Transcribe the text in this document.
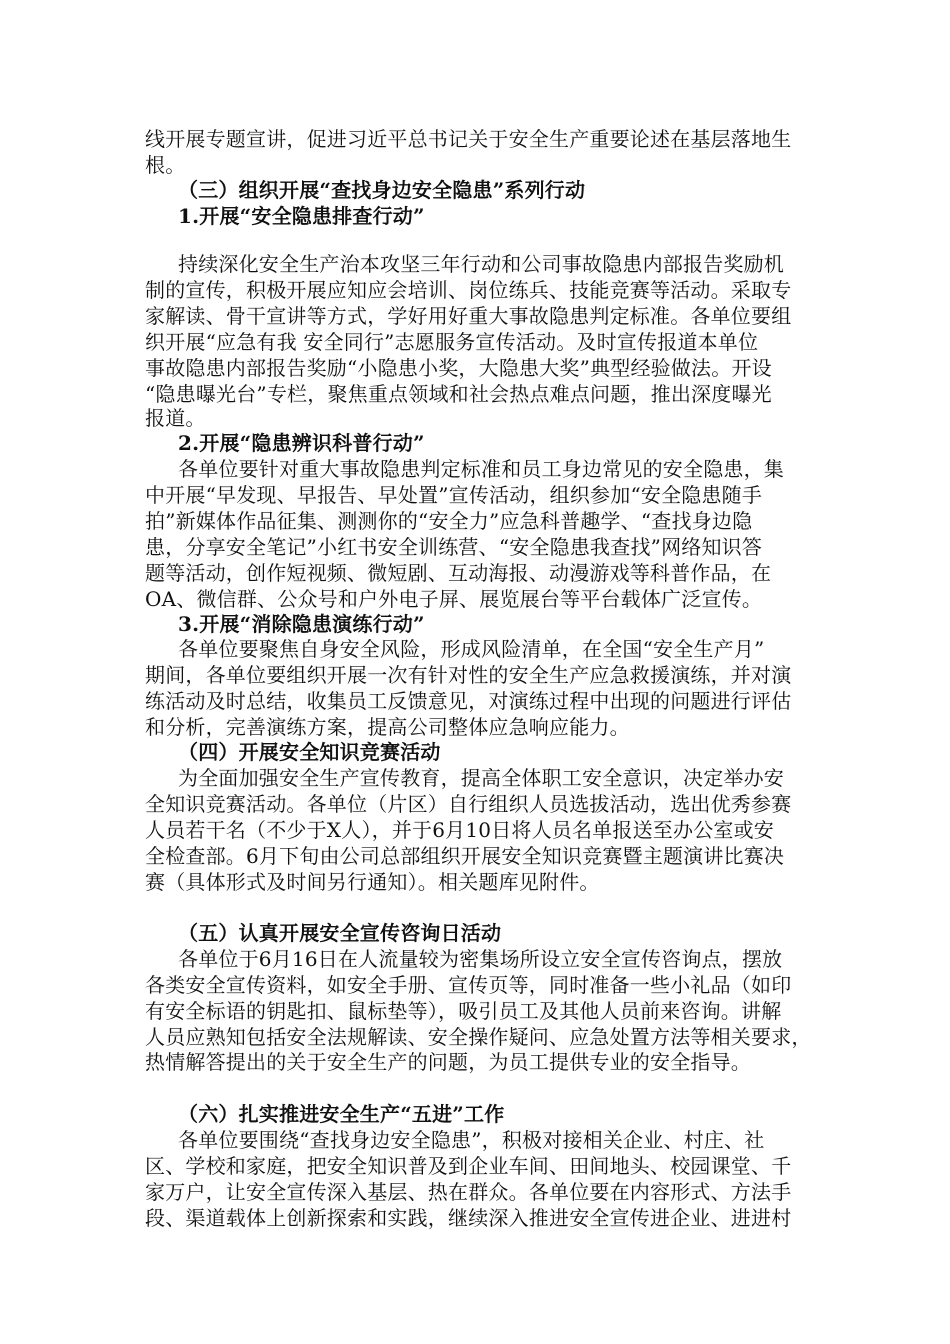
线开展专题宣讲，促进习近平总书记关于安全生产重要论述在基层落地生
根。
（三）组织开展“查找身边安全隐患”系列行动
1.开展“安全隐患排查行动”
持续深化安全生产治本攻坚三年行动和公司事故隐患内部报告奖励机
制的宣传，积极开展应知应会培训、岗位练兵、技能竞赛等活动。采取专
家解读、骨干宣讲等方式，学好用好重大事故隐患判定标准。各单位要组
织开展“应急有我 安全同行”志愿服务宣传活动。及时宣传报道本单位
事故隐患内部报告奖励“小隐患小奖，大隐患大奖”典型经验做法。开设
“隐患曝光台”专栏，聚焦重点领域和社会热点难点问题，推出深度曝光
报道。
2.开展“隐患辨识科普行动”
各单位要针对重大事故隐患判定标准和员工身边常见的安全隐患，集
中开展“早发现、早报告、早处置”宣传活动，组织参加“安全隐患随手
拍”新媒体作品征集、测测你的“安全力”应急科普趣学、“查找身边隐
患，分享安全笔记”小红书安全训练营、“安全隐患我查找”网络知识答
题等活动，创作短视频、微短剧、互动海报、动漫游戏等科普作品，在
OA、微信群、公众号和户外电子屏、展览展台等平台载体广泛宣传。
3.开展“消除隐患演练行动”
各单位要聚焦自身安全风险，形成风险清单，在全国“安全生产月”
期间，各单位要组织开展一次有针对性的安全生产应急救援演练，并对演
练活动及时总结，收集员工反馈意见，对演练过程中出现的问题进行评估
和分析，完善演练方案，提高公司整体应急响应能力。
（四）开展安全知识竞赛活动
为全面加强安全生产宣传教育，提高全体职工安全意识，决定举办安
全知识竞赛活动。各单位（片区）自行组织人员选拔活动，选出优秀参赛
人员若干名（不少于X人），并于6月10日将人员名单报送至办公室或安
全检查部。6月下旬由公司总部组织开展安全知识竞赛暨主题演讲比赛决
赛（具体形式及时间另行通知）。相关题库见附件。
（五）认真开展安全宣传咨询日活动
各单位于6月16日在人流量较为密集场所设立安全宣传咨询点，摆放
各类安全宣传资料，如安全手册、宣传页等，同时准备一些小礼品（如印
有安全标语的钥匙扣、鼠标垫等），吸引员工及其他人员前来咨询。讲解
人员应熟知包括安全法规解读、安全操作疑问、应急处置方法等相关要求，
热情解答提出的关于安全生产的问题，为员工提供专业的安全指导。
（六）扎实推进安全生产“五进”工作
各单位要围绕“查找身边安全隐患”，积极对接相关企业、村庄、社
区、学校和家庭，把安全知识普及到企业车间、田间地头、校园课堂、千
家万户，让安全宣传深入基层、热在群众。各单位要在内容形式、方法手
段、渠道载体上创新探索和实践，继续深入推进安全宣传进企业、进进村
